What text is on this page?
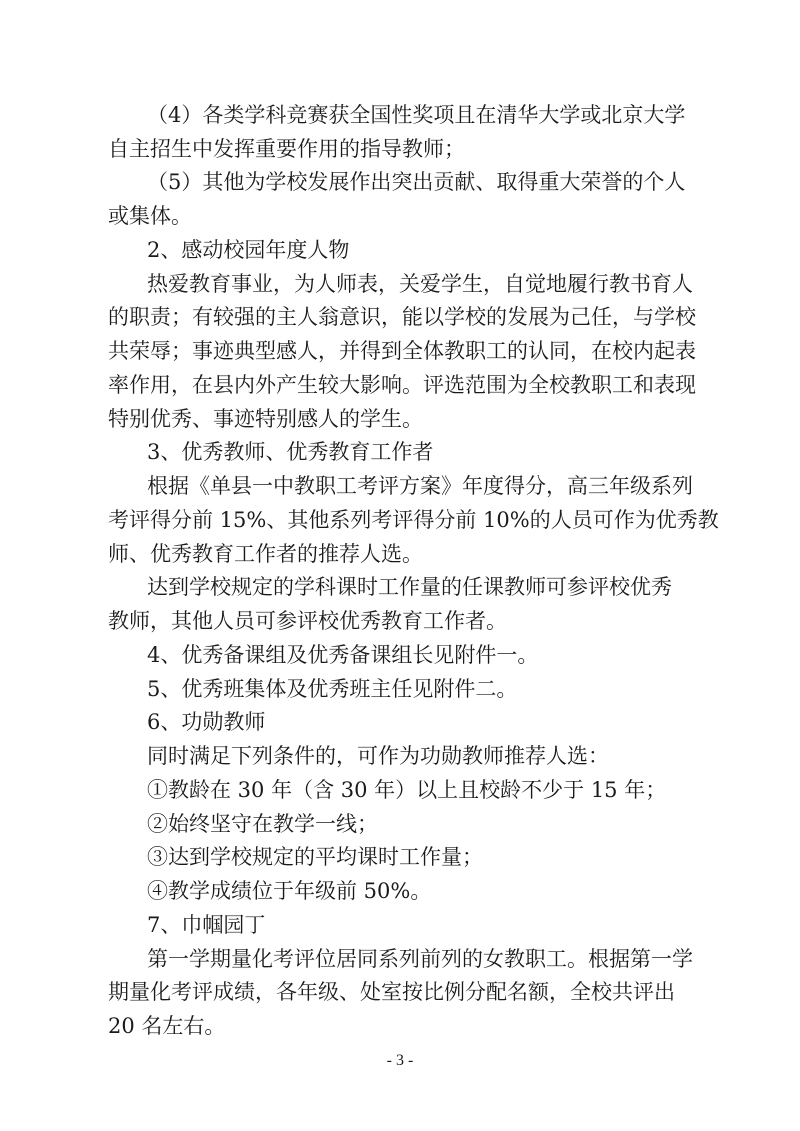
（4）各类学科竞赛获全国性奖项且在清华大学或北京大学
自主招生中发挥重要作用的指导教师；
（5）其他为学校发展作出突出贡献、取得重大荣誉的个人
或集体。
2、感动校园年度人物
热爱教育事业，为人师表，关爱学生，自觉地履行教书育人
的职责；有较强的主人翁意识，能以学校的发展为己任，与学校
共荣辱；事迹典型感人，并得到全体教职工的认同，在校内起表
率作用，在县内外产生较大影响。评选范围为全校教职工和表现
特别优秀、事迹特别感人的学生。
3、优秀教师、优秀教育工作者
根据《单县一中教职工考评方案》年度得分，高三年级系列
考评得分前 15%、其他系列考评得分前 10%的人员可作为优秀教
师、优秀教育工作者的推荐人选。
达到学校规定的学科课时工作量的任课教师可参评校优秀
教师，其他人员可参评校优秀教育工作者。
4、优秀备课组及优秀备课组长见附件一。
5、优秀班集体及优秀班主任见附件二。
6、功勋教师
同时满足下列条件的，可作为功勋教师推荐人选：
①教龄在 30 年（含 30 年）以上且校龄不少于 15 年；
②始终坚守在教学一线；
③达到学校规定的平均课时工作量；
④教学成绩位于年级前 50%。
7、巾帼园丁
第一学期量化考评位居同系列前列的女教职工。根据第一学
期量化考评成绩，各年级、处室按比例分配名额，全校共评出
- 3 -
20 名左右。
